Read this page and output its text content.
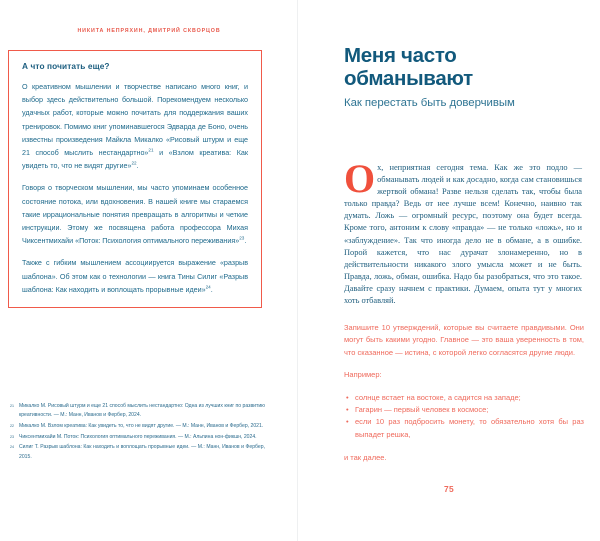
НИКИТА НЕПРЯХИН, ДМИТРИЙ СКВОРЦОВ
А что почитать еще?

О креативном мышлении и творчестве написано много книг, и выбор здесь действительно большой. Порекомендуем несколько удачных работ, которые можно почитать для поддержания ваших тренировок. Помимо книг упоминавшегося Эдварда де Боно, очень известны произведения Майкла Микалко «Рисовый штурм и еще 21 способ мыслить нестандартно»$^{21}$ и «Взлом креатива: Как увидеть то, что не видят другие»$^{22}$.

Говоря о творческом мышлении, мы часто упоминаем особенное состояние потока, или вдохновения. В нашей книге мы стараемся такие иррациональные понятия превращать в алгоритмы и четкие инструкции. Этому же посвящена работа профессора Михая Чиксентмихайи «Поток: Психология оптимального переживания»$^{23}$.

Также с гибким мышлением ассоциируется выражение «разрыв шаблона». Об этом как о технологии — книга Тины Силиг «Разрыв шаблона: Как находить и воплощать прорывные идеи»$^{24}$.

21 Микалко М. Рисовый штурм и еще 21 способ мыслить нестандартно: Одна из лучших книг по развитию креативности. — М.: Манн, Иванов и Фербер, 2024.
22 Микалко М. Взлом креатива: Как увидеть то, что не видят другие. — М.: Манн, Иванов и Фербер, 2021.
23 Чиксентмихайи М. Поток: Психология оптимального переживания. — М.: Альпина нон-фикшн, 2024.
24 Силиг Т. Разрыв шаблона: Как находить и воплощать прорывные идеи. — М.: Манн, Иванов и Фербер, 2015.
Меня часто обманывают
Как перестать быть доверчивым
О х, неприятная сегодня тема. Как же это подло — обманывать людей и как досадно, когда сам становишься жертвой обмана! Разве нельзя сделать так, чтобы была только правда? Ведь от нее лучше всем! Конечно, наивно так думать. Ложь — огромный ресурс, поэтому она будет всегда. Кроме того, антоним к слову «правда» — не только «ложь», но и «заблуждение». Так что иногда дело не в обмане, а в ошибке. Порой кажется, что нас дурачат злонамеренно, но в действительности никакого злого умысла может и не быть. Правда, ложь, обман, ошибка. Надо бы разобраться, что это такое. Давайте сразу начнем с практики. Думаем, опыта тут у многих хоть отбавляй.

Запишите 10 утверждений, которые вы считаете правдивыми. Они могут быть какими угодно. Главное — это ваша уверенность в том, что сказанное — истина, с которой легко согласятся другие люди.

Например:

• солнце встает на востоке, а садится на западе;
• Гагарин — первый человек в космосе;
• если 10 раз подбросить монету, то обязательно хотя бы раз выпадет решка,

и так далее.

75
